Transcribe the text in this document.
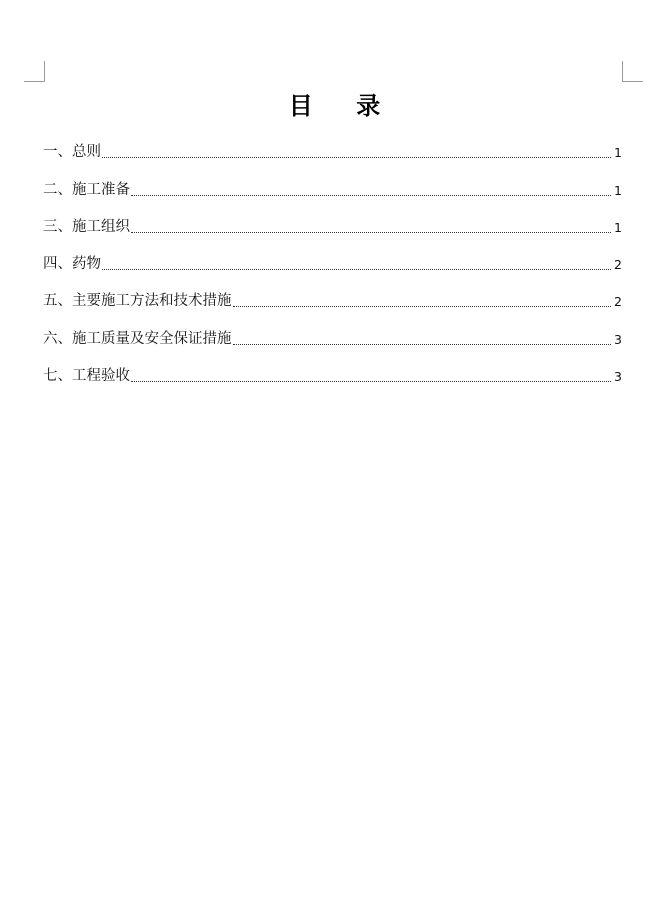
目    录
一、总则	1
二、施工准备	1
三、施工组织	1
四、药物	2
五、主要施工方法和技术措施	2
六、施工质量及安全保证措施	3
七、工程验收	3
